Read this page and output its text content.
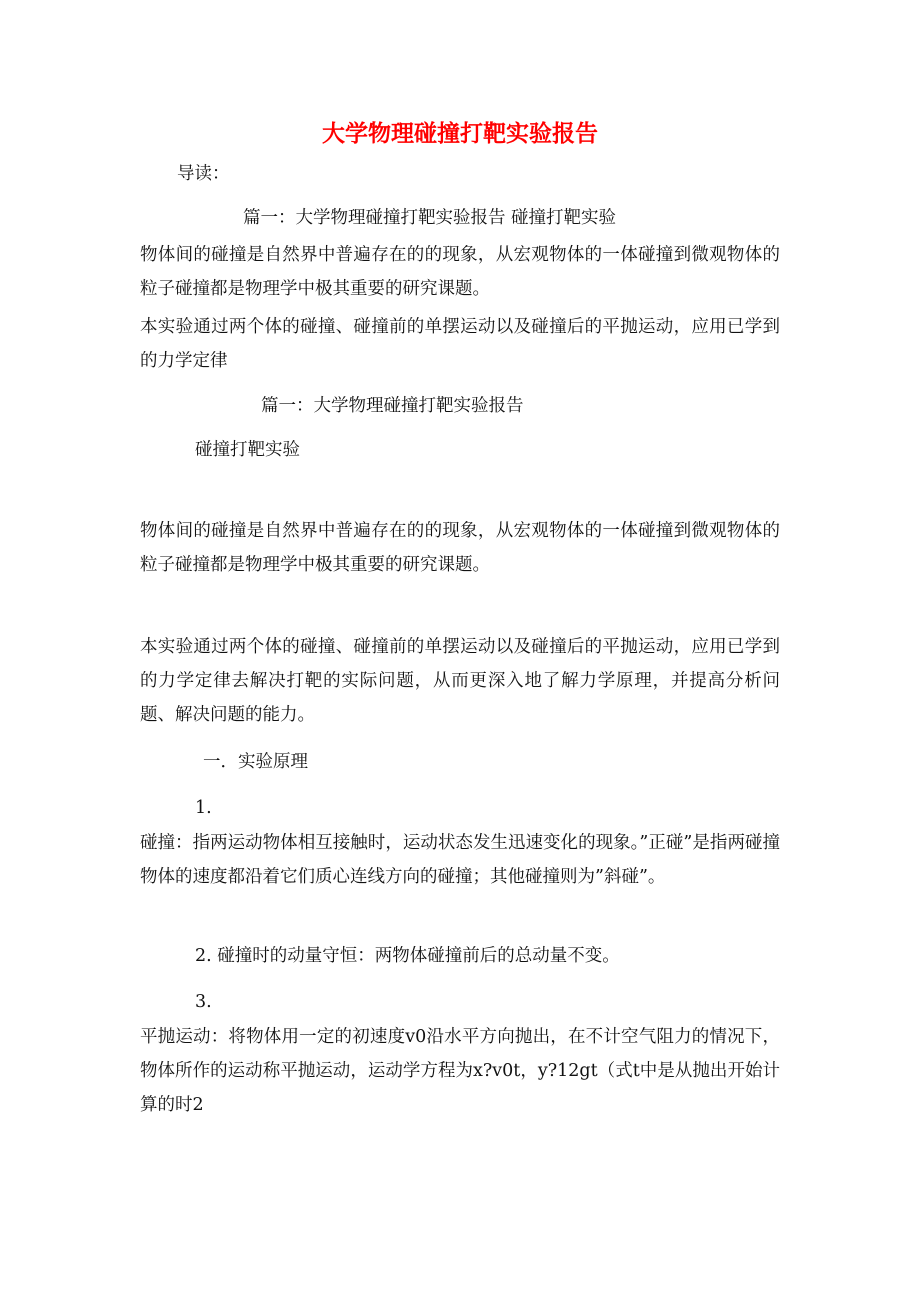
大学物理碰撞打靶实验报告
导读：
篇一：大学物理碰撞打靶实验报告 碰撞打靶实验
物体间的碰撞是自然界中普遍存在的的现象，从宏观物体的一体碰撞到微观物体的粒子碰撞都是物理学中极其重要的研究课题。
本实验通过两个体的碰撞、碰撞前的单摆运动以及碰撞后的平抛运动，应用已学到的力学定律
篇一：大学物理碰撞打靶实验报告
碰撞打靶实验
物体间的碰撞是自然界中普遍存在的的现象，从宏观物体的一体碰撞到微观物体的粒子碰撞都是物理学中极其重要的研究课题。
本实验通过两个体的碰撞、碰撞前的单摆运动以及碰撞后的平抛运动，应用已学到的力学定律去解决打靶的实际问题，从而更深入地了解力学原理，并提高分析问题、解决问题的能力。
一．实验原理
1.
碰撞：指两运动物体相互接触时，运动状态发生迅速变化的现象。”正碰”是指两碰撞物体的速度都沿着它们质心连线方向的碰撞；其他碰撞则为”斜碰”。
2. 碰撞时的动量守恒：两物体碰撞前后的总动量不变。
3.
平抛运动：将物体用一定的初速度v0沿水平方向抛出，在不计空气阻力的情况下，物体所作的运动称平抛运动，运动学方程为x?v0t，y?12gt（式t中是从抛出开始计算的时2
